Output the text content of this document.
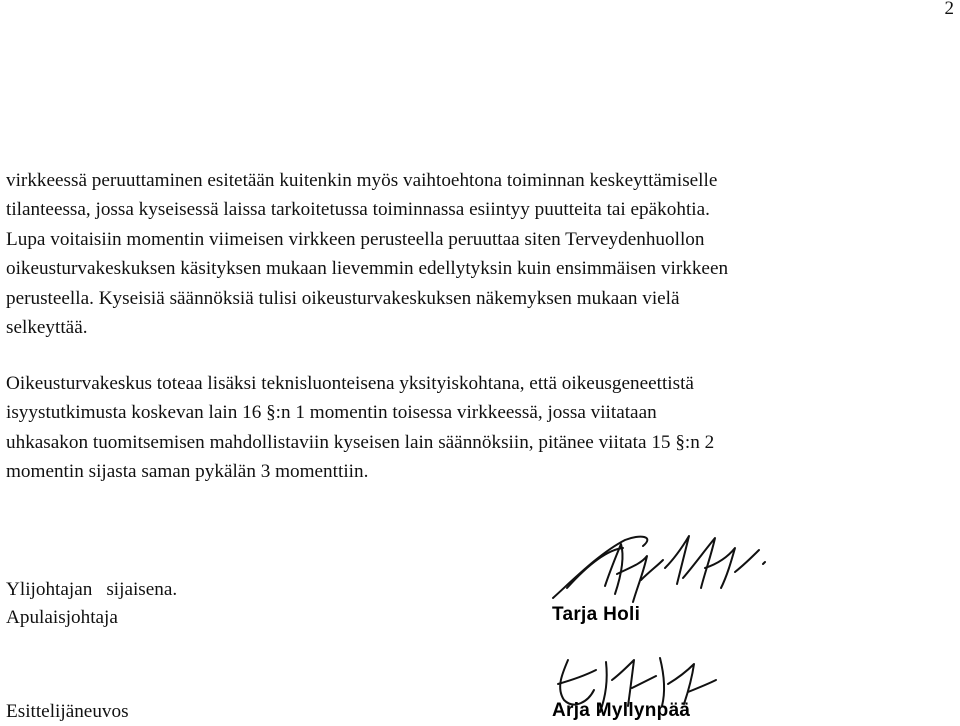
2

virkkeessä peruuttaminen esitetään kuitenkin myös vaihtoehtona toiminnan keskeyttämiselle
tilanteessa, jossa kyseisessä laissa tarkoitetussa toiminnassa esiintyy puutteita tai epäkohtia.
Lupa voitaisiin momentin viimeisen virkkeen perusteella peruuttaa siten Terveydenhuollon
oikeusturvakeskuksen käsityksen mukaan lievemmin edellytyksin kuin ensimmäisen virkkeen
perusteella. Kyseisiä säännöksiä tulisi oikeusturvakeskuksen näkemyksen mukaan vielä
selkeyttää.

Oikeusturvakeskus toteaa lisäksi teknisluonteisena yksityiskohtana, että oikeusgeneettistä
isyystutkimusta koskevan lain 16 §:n 1 momentin toisessa virkkeessä, jossa viitataan
uhkasakon tuomitsemisen mahdollistaviin kyseisen lain säännöksiin, pitänee viitata 15 §:n 2
momentin sijasta saman pykälän 3 momenttiin.

Ylijohtajan sijaisena.
Apulaisjohtaja
Esittelijäneuvos
Tarja Holi
Arja Myllynpää
